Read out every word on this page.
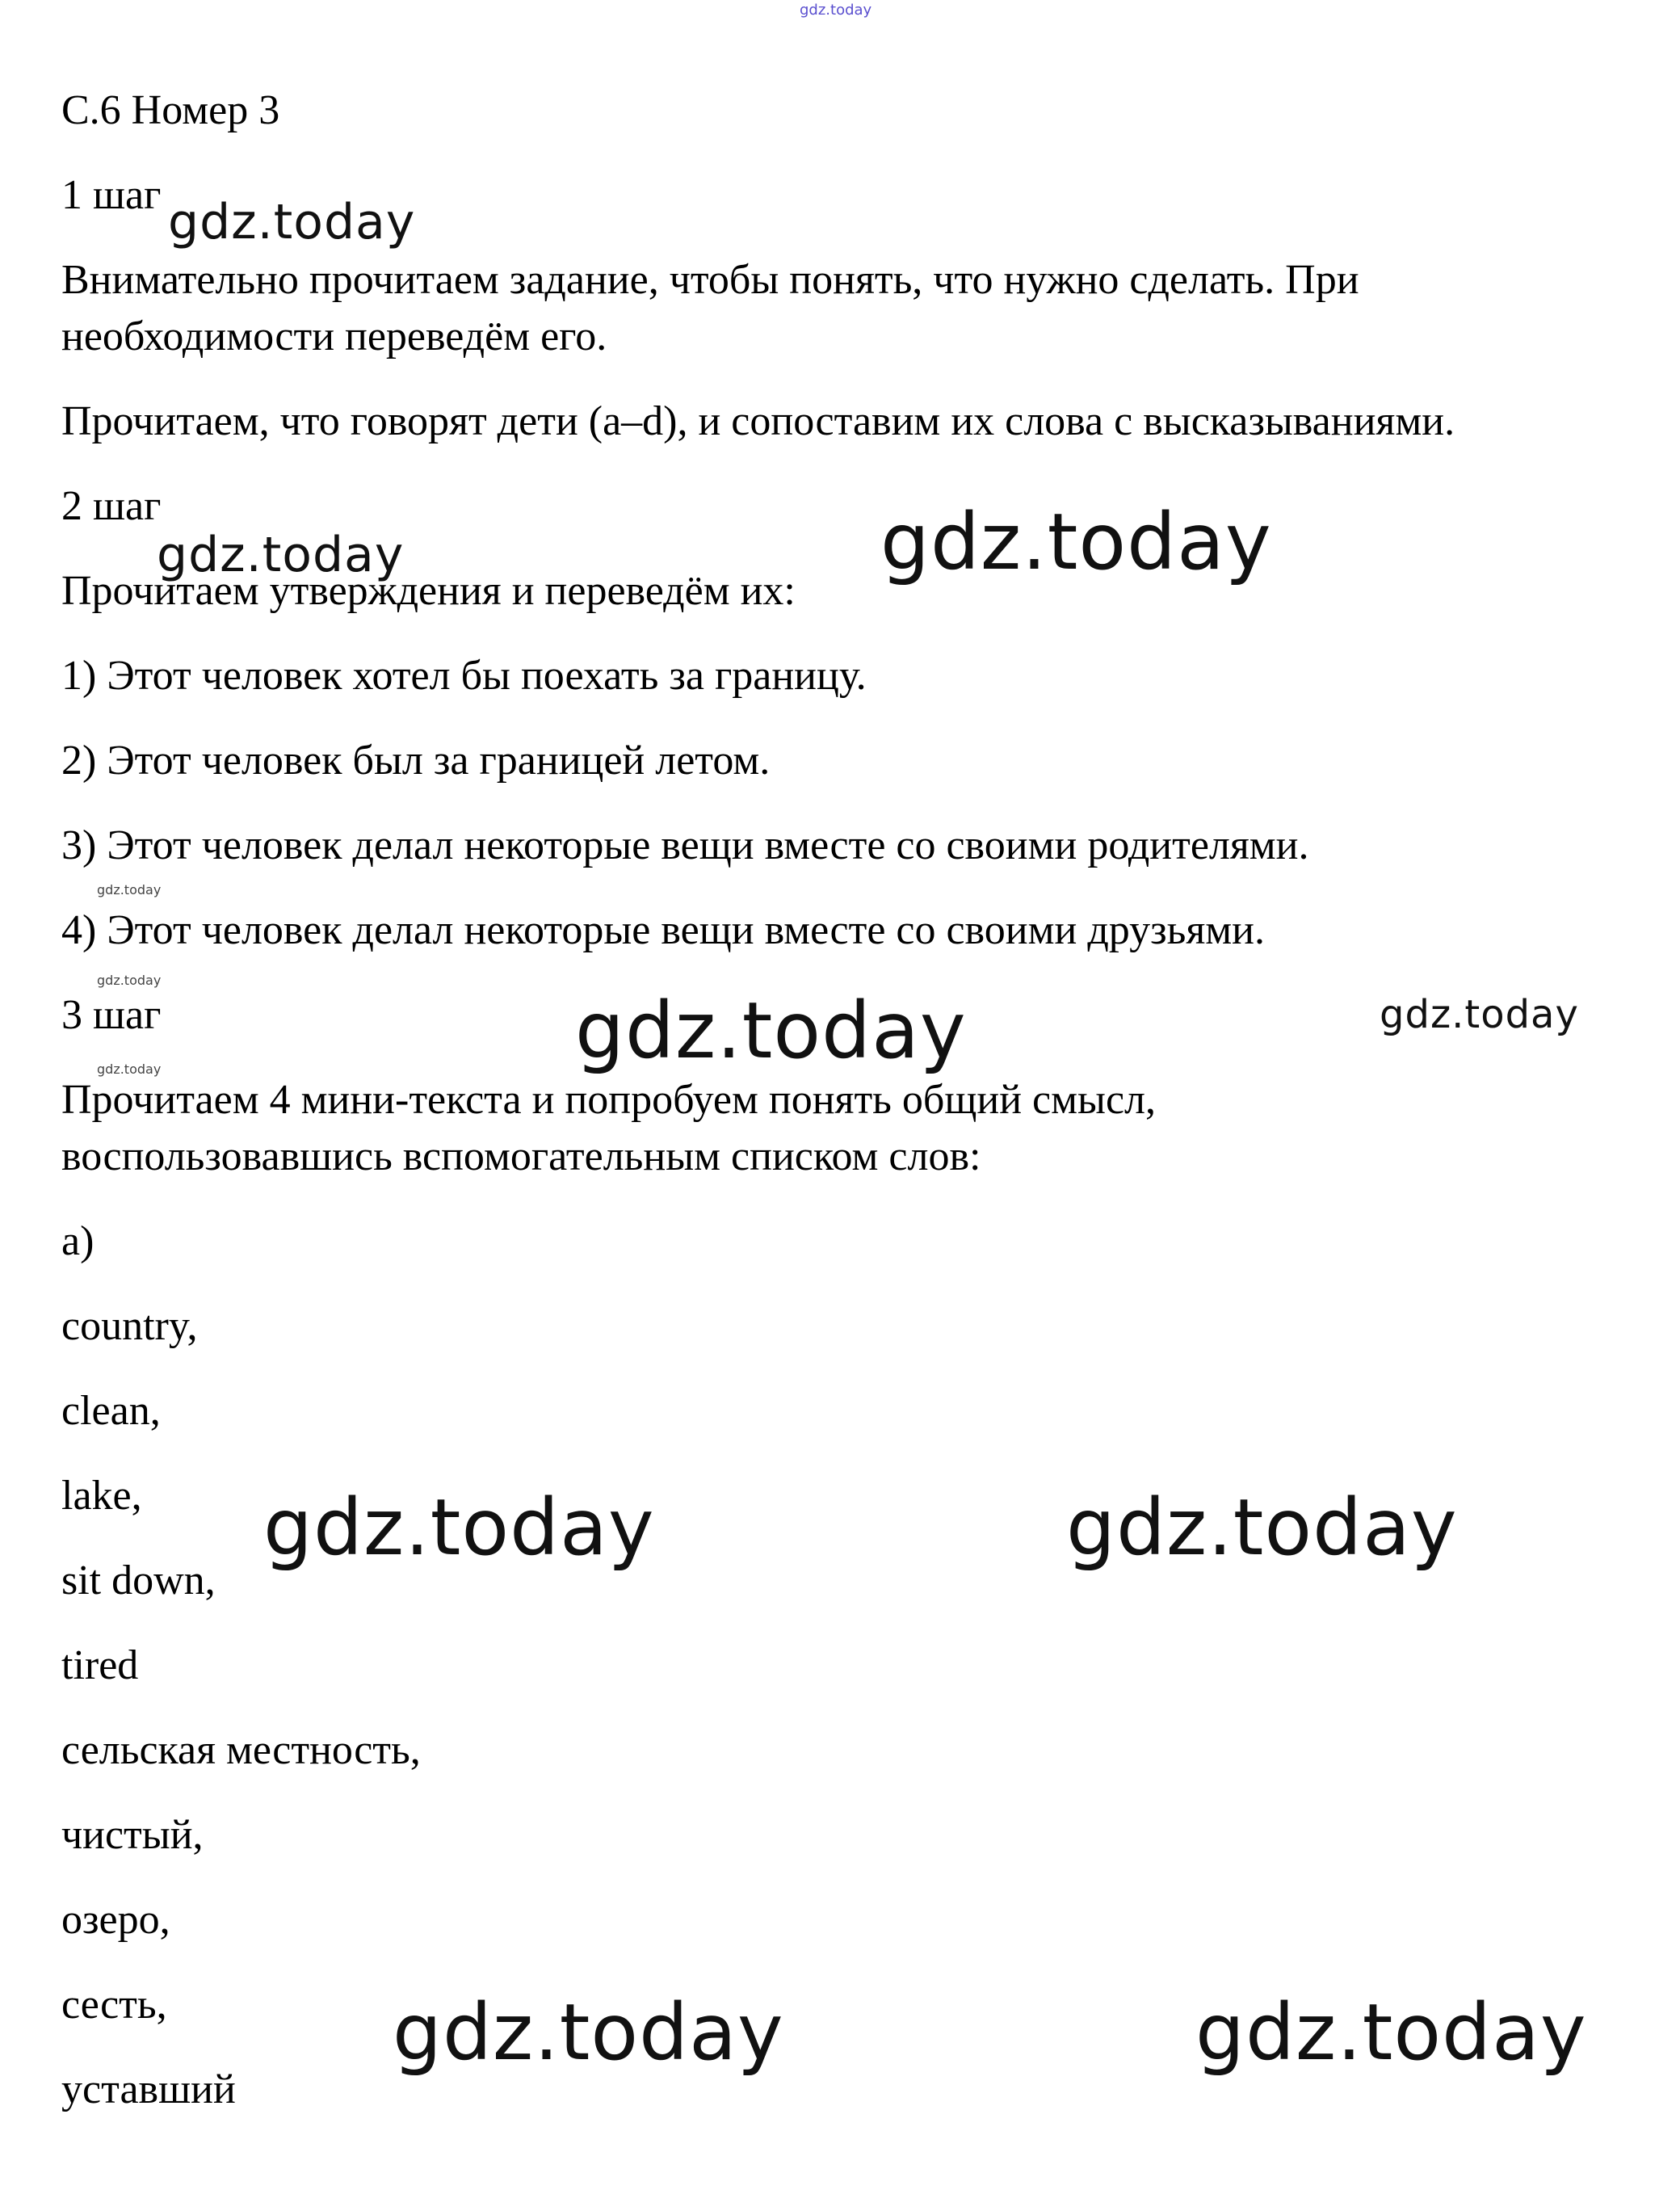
gdz.today

С.6 Номер 3

1 шаг gdz.today

Внимательно прочитаем задание, чтобы понять, что нужно сделать. При

необходимости переведём его.

Прочитаем, что говорят дети (a–d), и сопоставим их слова с высказываниями.

2 шаг

gdz.today	gdz.today

Прочитаем утверждения и переведём их:

1) Этот человек хотел бы поехать за границу.

2) Этот человек был за границей летом.

3) Этот человек делал некоторые вещи вместе со своими родителями.

gdz.today

4) Этот человек делал некоторые вещи вместе со своими друзьями.

gdz.today

3 шаг	gdz.today	gdz.today
gdz.today

Прочитаем 4 мини-текста и попробуем понять общий смысл,

воспользовавшись вспомогательным списком слов:

a)

country,

clean,

lake, gdz.today	gdz.today

sit down,

tired

сельская местность,

чистый,

озеро,

сесть,	gdz.today	gdz.today

уставший
